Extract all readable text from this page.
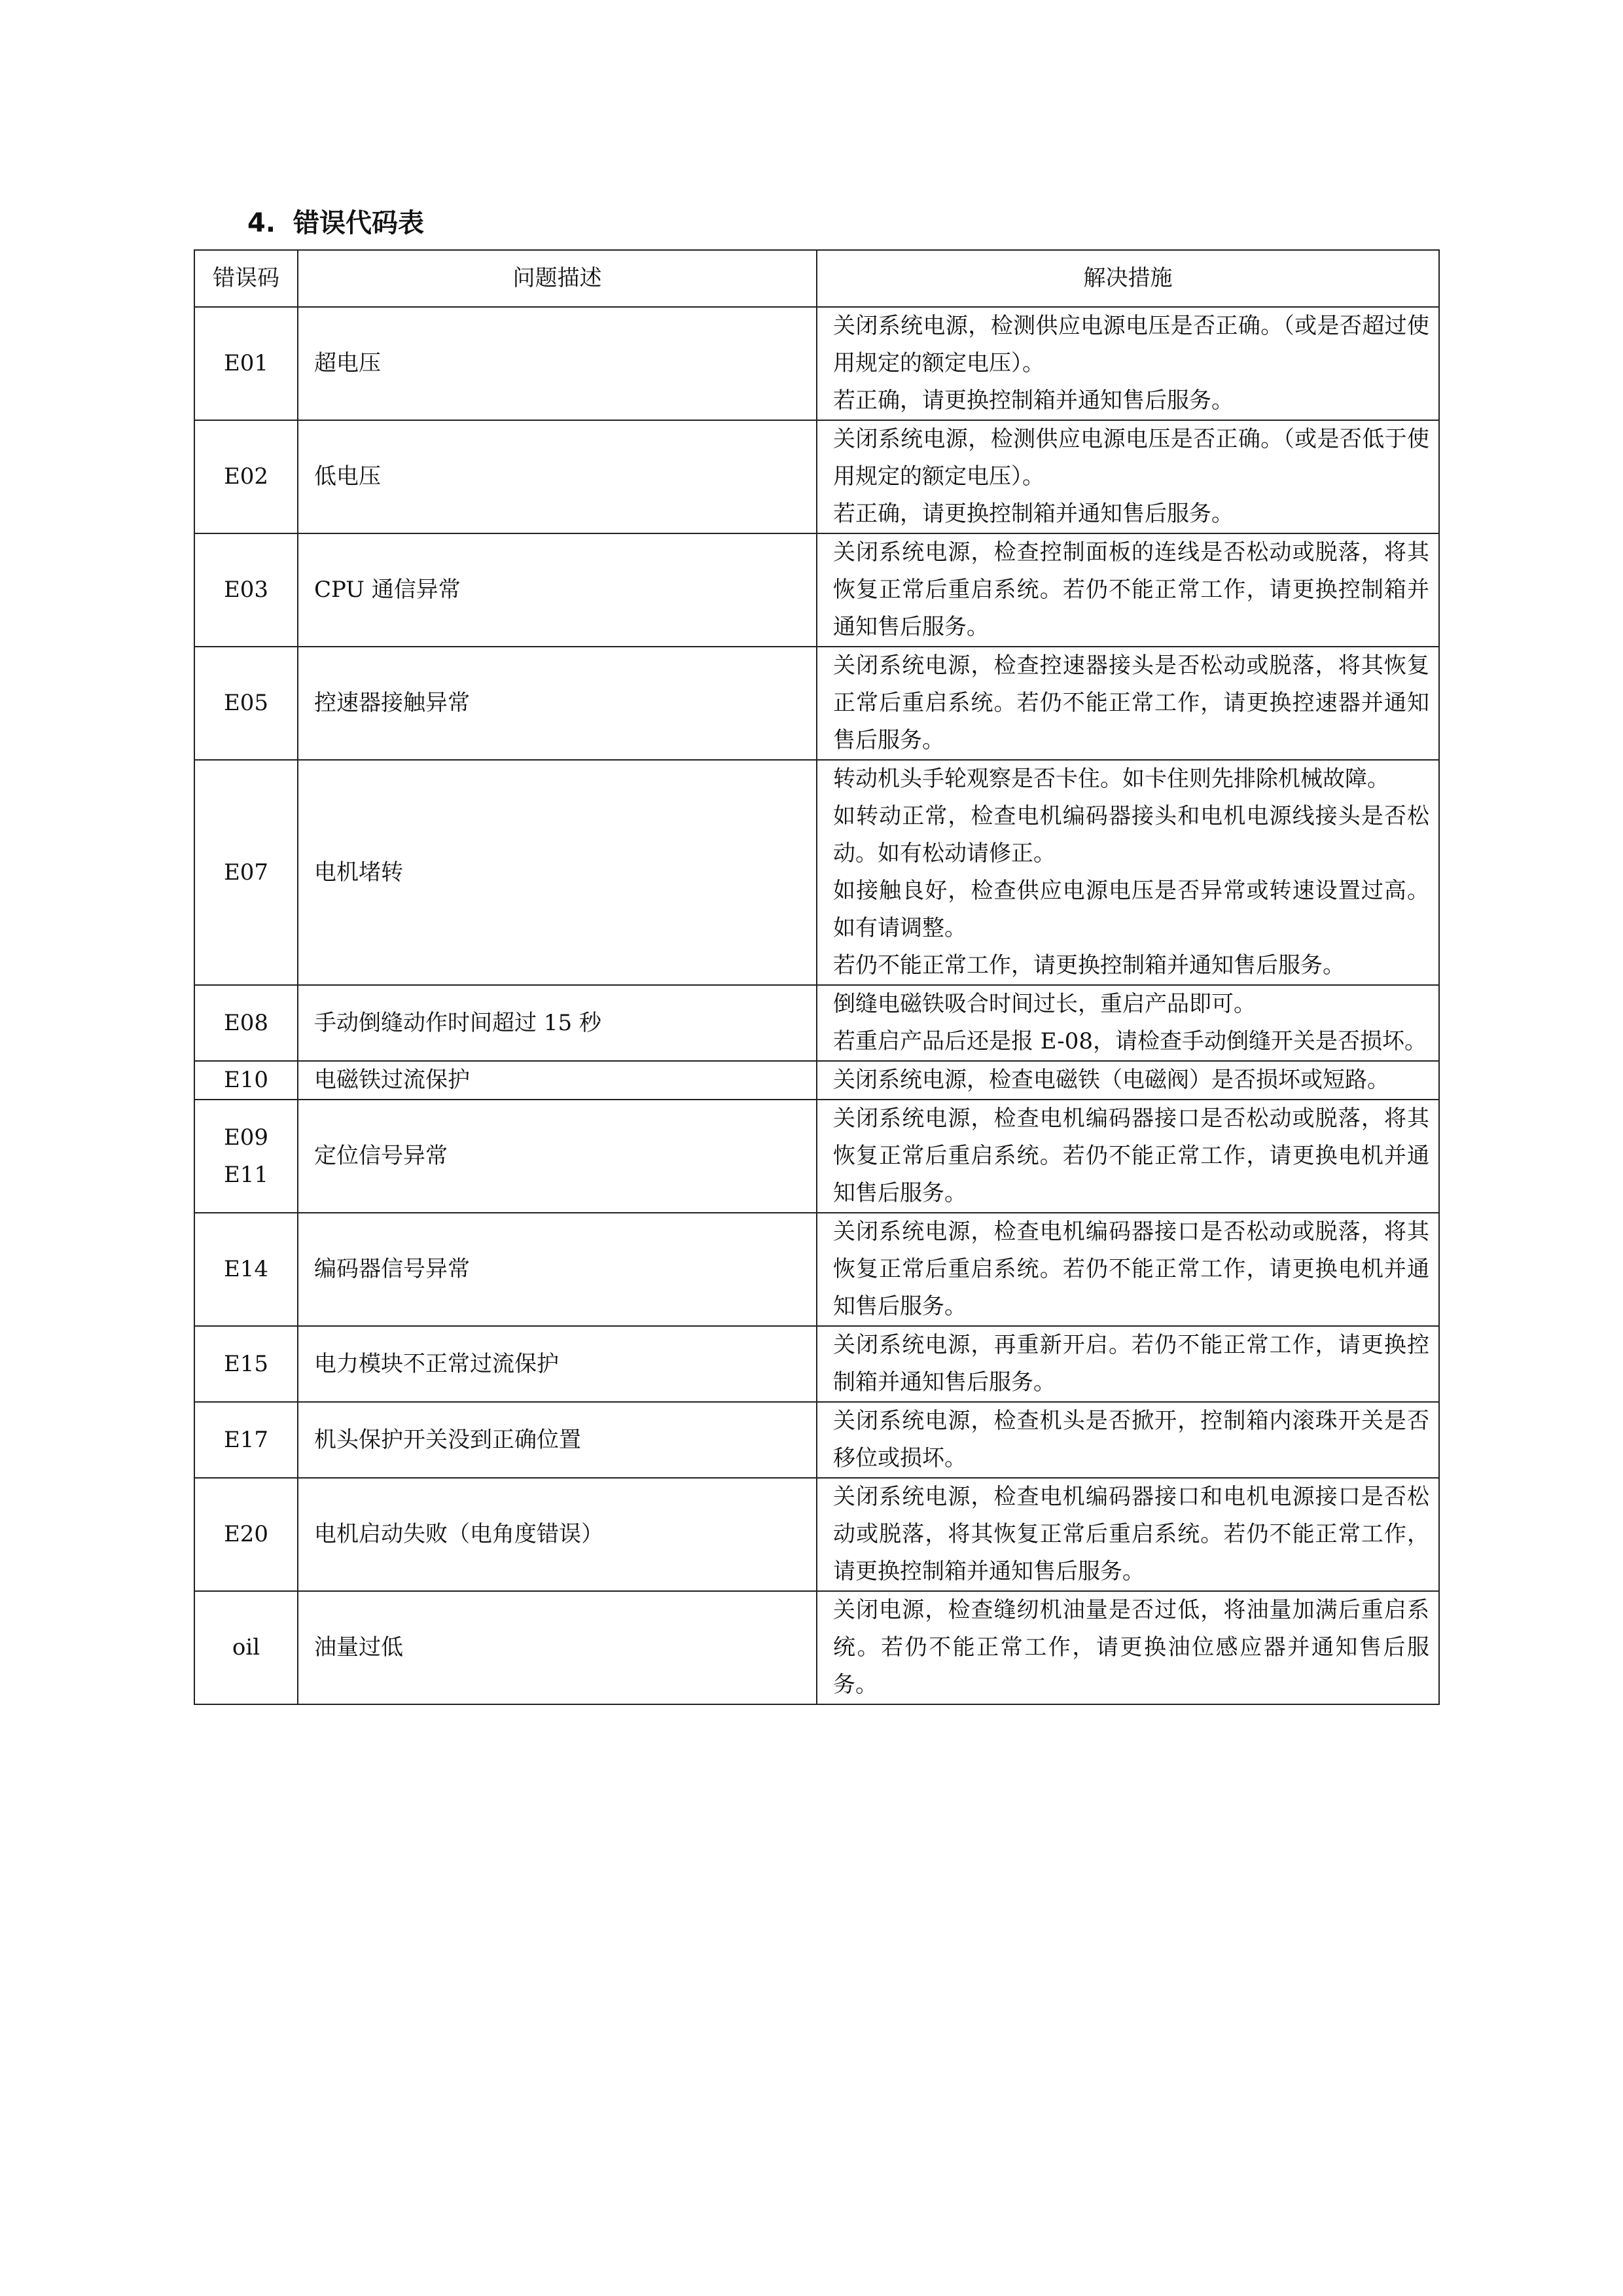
4. 错误代码表
错误码	问题描述	解决措施

E01	超电压	关闭系统电源，检测供应电源电压是否正确。（或是否超过使用规定的额定电压）。
若正确，请更换控制箱并通知售后服务。

E02	低电压	关闭系统电源，检测供应电源电压是否正确。（或是否低于使用规定的额定电压）。
若正确，请更换控制箱并通知售后服务。

E03	CPU 通信异常	关闭系统电源，检查控制面板的连线是否松动或脱落，将其恢复正常后重启系统。若仍不能正常工作，请更换控制箱并通知售后服务。

E05	控速器接触异常	关闭系统电源，检查控速器接头是否松动或脱落，将其恢复正常后重启系统。若仍不能正常工作，请更换控速器并通知售后服务。

E07	电机堵转	转动机头手轮观察是否卡住。如卡住则先排除机械故障。
如转动正常，检查电机编码器接头和电机电源线接头是否松动。如有松动请修正。
如接触良好，检查供应电源电压是否异常或转速设置过高。如有请调整。
若仍不能正常工作，请更换控制箱并通知售后服务。

E08	手动倒缝动作时间超过 15 秒	倒缝电磁铁吸合时间过长，重启产品即可。
若重启产品后还是报 E-08，请检查手动倒缝开关是否损坏。

E10	电磁铁过流保护	关闭系统电源，检查电磁铁（电磁阀）是否损坏或短路。

E09
E11	定位信号异常	关闭系统电源，检查电机编码器接口是否松动或脱落，将其恢复正常后重启系统。若仍不能正常工作，请更换电机并通知售后服务。

E14	编码器信号异常	关闭系统电源，检查电机编码器接口是否松动或脱落，将其恢复正常后重启系统。若仍不能正常工作，请更换电机并通知售后服务。

E15	电力模块不正常过流保护	关闭系统电源，再重新开启。若仍不能正常工作，请更换控制箱并通知售后服务。

E17	机头保护开关没到正确位置	关闭系统电源，检查机头是否掀开，控制箱内滚珠开关是否移位或损坏。

E20	电机启动失败（电角度错误）	关闭系统电源，检查电机编码器接口和电机电源接口是否松动或脱落，将其恢复正常后重启系统。若仍不能正常工作，请更换控制箱并通知售后服务。

oil	油量过低	关闭电源，检查缝纫机油量是否过低，将油量加满后重启系统。若仍不能正常工作，请更换油位感应器并通知售后服务。
